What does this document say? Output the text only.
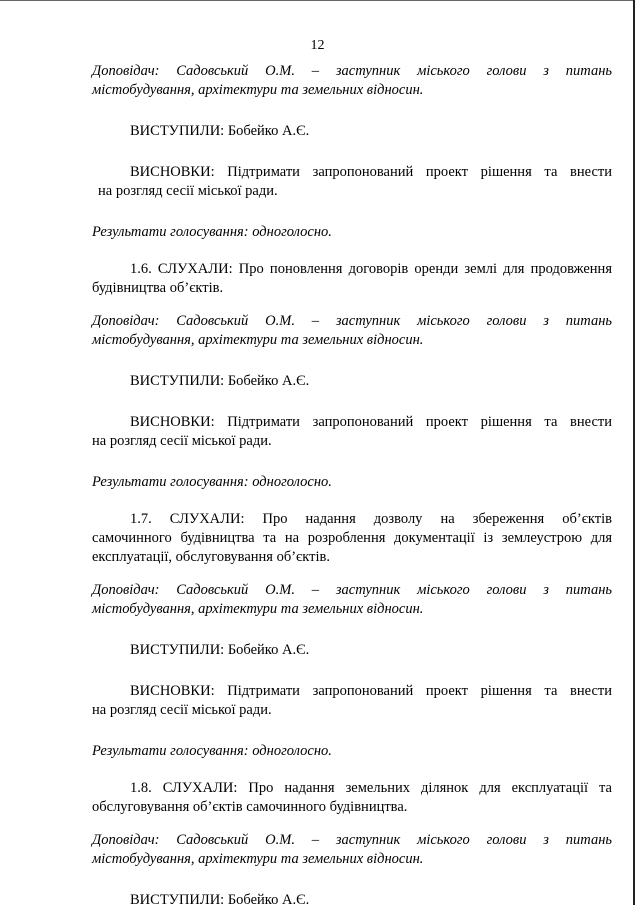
12

Доповідач: Садовський О.М. – заступник міського голови з питань

містобудування, архітектури та земельних відносин.

ВИСТУПИЛИ: Бобейко А.Є.

ВИСНОВКИ: Підтримати запропонований проект рішення та внести

на розгляд сесії міської ради.

Результати голосування: одноголосно.

1.6. СЛУХАЛИ: Про поновлення договорів оренди землі для продовження

будівництва об’єктів.

Доповідач: Садовський О.М. – заступник міського голови з питань

містобудування, архітектури та земельних відносин.

ВИСТУПИЛИ: Бобейко А.Є.

ВИСНОВКИ: Підтримати запропонований проект рішення та внести

на розгляд сесії міської ради.

Результати голосування: одноголосно.

1.7. СЛУХАЛИ: Про надання дозволу на збереження об’єктів

самочинного будівництва та на розроблення документації із землеустрою для

експлуатації, обслуговування об’єктів.

Доповідач: Садовський О.М. – заступник міського голови з питань

містобудування, архітектури та земельних відносин.

ВИСТУПИЛИ: Бобейко А.Є.

ВИСНОВКИ: Підтримати запропонований проект рішення та внести

на розгляд сесії міської ради.

Результати голосування: одноголосно.

1.8. СЛУХАЛИ: Про надання земельних ділянок для експлуатації та

обслуговування об’єктів самочинного будівництва.

Доповідач: Садовський О.М. – заступник міського голови з питань

містобудування, архітектури та земельних відносин.

ВИСТУПИЛИ: Бобейко А.Є.
